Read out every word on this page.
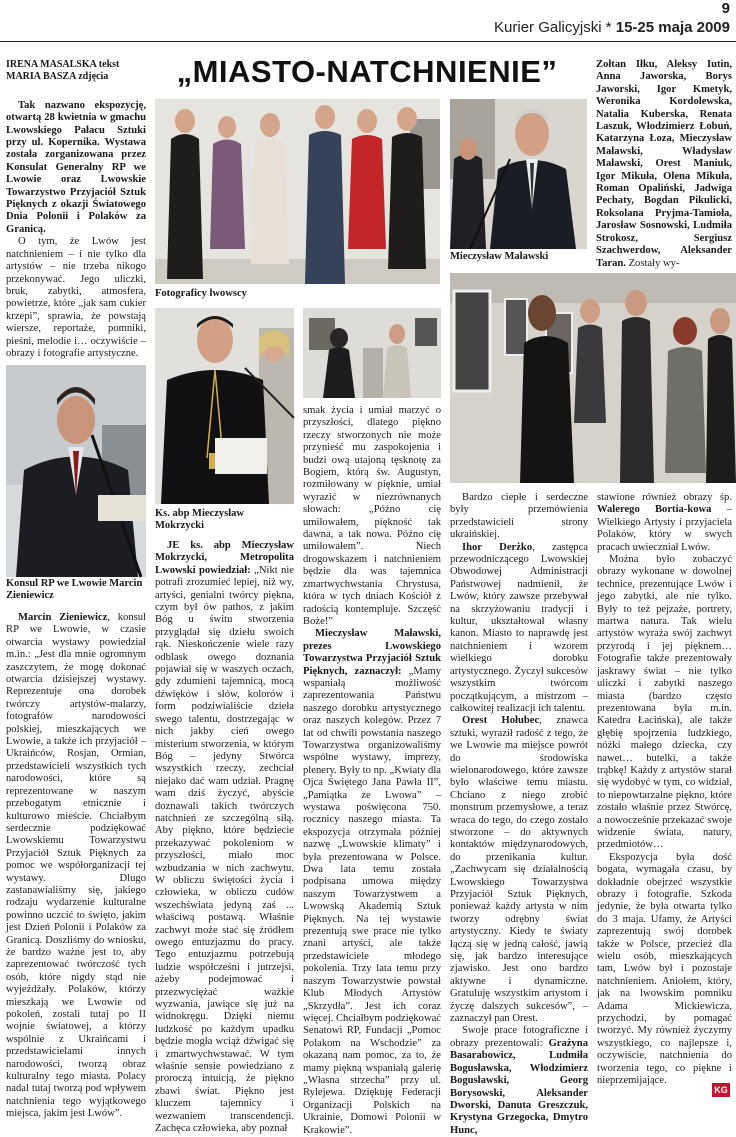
9
Kurier Galicyjski * 15-25 maja 2009
„MIASTO-NATCHNIENIE”

IRENA MASALSKA tekst

MARIA BASZA zdjęcia

Tak nazwano ekspozycję, otwartą 28 kwietnia w gmachu Lwowskiego Pałacu Sztuki przy ul. Kopernika. Wystawa została zorganizowana przez Konsulat Generalny RP we Lwowie oraz Lwowskie Towarzystwo Przyjaciół Sztuk Pięknych z okazji Światowego Dnia Polonii i Polaków za Granicą.

O tym, że Lwów jest natchnieniem – i nie tylko dla artystów – nie trzeba nikogo przekonywać. Jego uliczki, bruk, zabytki, atmosfera, powietrze, które „jak sam cukier krzepi”, sprawia, że powstają wiersze, reportaże, pomniki, pieśni, melodie i… oczywiście – obrazy i fotografie artystyczne.

Konsul RP we Lwowie Marcin Zieniewicz

Marcin Zieniewicz, konsul RP we Lwowie, w czasie otwarcia wystawy powiedział m.in.: „Jest dla mnie ogromnym zaszczytem, że mogę dokonać otwarcia dzisiejszej wystawy. Reprezentuje ona dorobek twórczy artystów-malarzy, fotografów narodowości polskiej, mieszkających we Lwowie, a także ich przyjaciół – Ukraińców, Rosjan, Ormian, przedstawicieli wszystkich tych narodowości, które są reprezentowane w naszym przebogatym etnicznie i kulturowo mieście. Chciałbym serdecznie podziękować Lwowskiemu Towarzystwu Przyjaciół Sztuk Pięknych za pomoc we współorganizacji tej wystawy. Dlugo zastanawialiśmy się, jakiego rodzaju wydarzenie kulturalne powinno uczcić to święto, jakim jest Dzień Polonii i Polaków za Granicą. Doszliśmy do wniosku, że bardzo ważne jest to, aby zaprezentować twórczość tych osób, które nigdy stąd nie wyjeżdżały. Polaków, którzy mieszkają we Lwowie od pokoleń, zostali tutaj po II wojnie światowej, a którzy wspólnie z Ukraińcami i przedstawicielami innych narodowości, tworzą obraz kulturalny tego miasta. Polacy nadal tutaj tworzą pod wpływem natchnienia tego wyjątkowego miejsca, jakim jest Lwów”.

Fotograficy lwowscy
Mieczysław Maławski

Zołtan Iłku, Aleksy Iutin, Anna Jaworska, Borys Jaworski, Igor Kmetyk, Weronika Kordolewska, Natalia Kuberska, Renata Laszuk, Włodzimierz Łobuń, Katarzyna Łoza, Mieczysław Maławski, Władysław Maławski, Orest Maniuk, Igor Mikuła, Olena Mikuła, Roman Opaliński, Jadwiga Pechaty, Bogdan Pikulicki, Roksolana Pryjma-Tamioła, Jarosław Sosnowski, Ludmiła Strokosz, Sergiusz Szachwerdow, Aleksander Taran. Zostały wy-

Ks. abp Mieczysław Mokrzycki

JE ks. abp Mieczysław Mokrzycki, Metropolita Lwowski powiedział: „Nikt nie potrafi zrozumieć lepiej, niż wy, artyści, genialni twórcy piękna, czym był ów pathos, z jakim Bóg u świtu stworzenia przyglądał się dziełu swoich rąk. Nieskończenie wiele razy odblask owego doznania pojawiał się w waszych oczach, gdy zdumieni tajemnicą, mocą dźwięków i słów, kolorów i form podziwialiście dzieła swego talentu, dostrzegając w nich jakby cień owego misterium stworzenia, w którym Bóg – jedyny Stwórca wszystkich rzeczy, zechciał niejako dać wam udział. Pragnę wam dziś życzyć, abyście doznawali takich twórczych natchnień ze szczególną siłą. Aby piękno, które będziecie przekazywać pokoleniom w przyszłości, miało moc wzbudzania w nich zachwytu. W obliczu świętości życia i człowieka, w obliczu cudów wszechświata jedyną zaś ... właściwą postawą. Właśnie zachwyt może stać się źródłem owego entuzjazmu do pracy. Tego entuzjazmu potrzebują ludzie współcześni i jutrzejsi, ażeby podejmować i przezwyciężać ważkie wyzwania, jawiące się już na widnokręgu. Dzięki niemu ludzkość po każdym upadku będzie mogła wciąż dźwigać się i zmartwychwstawać. W tym właśnie sensie powiedziano z proroczą intuicją, że piękno zbawi świat. Piękno jest kluczem tajemnicy i wezwaniem transcendencji. Zachęca człowieka, aby poznał

smak życia i umiał marzyć o przyszłości, dlatego piękno rzeczy stworzonych nie może przynieść mu zaspokojenia i budzi ową utajoną tęsknotę za Bogiem, którą św. Augustyn, rozmiłowany w pięknie, umiał wyrazić w niezrównanych słowach: „Późno cię umiłowałem, piękność tak dawna, a tak nowa. Późno cię umiłowałem”. Niech drogowskazem i natchnieniem będzie dla was tajemnica zmartwychwstania Chrystusa, która w tych dniach Kościół z radością kontempluje. Szczęść Boże!”

Mieczysław Maławski, prezes Lwowskiego Towarzystwa Przyjaciół Sztuk Pięknych, zaznaczył: „Mamy wspaniałą możliwość zaprezentowania Państwu naszego dorobku artystycznego oraz naszych kolegów. Przez 7 lat od chwili powstania naszego Towarzystwa organizowaliśmy wspólne wystawy, imprezy, plenery. Były to np. „Kwiaty dla Ojca Świętego Jana Pawła II”, „Pamiątka ze Lwowa” – wystawa poświęcona 750. rocznicy naszego miasta. Ta ekspozycja otrzymała później nazwę „Lwowskie klimaty” i była prezentowana w Polsce. Dwa lata temu została podpisana umowa między naszym Towarzystwem a Lwowską Akademią Sztuk Pięknych. Na tej wystawie prezentują swe prace nie tylko znani artyści, ale także przedstawiciele młodego pokolenia. Trzy lata temu przy naszym Towarzystwie powstał Klub Młodych Artystów „Skrzydła”. Jest ich coraz więcej. Chciałbym podziękować Senatowi RP, Fundacji „Pomoc Polakom na Wschodzie” za okazaną nam pomoc, za to, że mamy piękną wspaniałą galerię „Własna strzecha” przy ul. Rylejewa. Dziękuję Federacji Organizacji Polskich na Ukrainie, Domowi Polonii w Krakowie”.

Bardzo ciepłe i serdeczne były przemówienia przedstawicieli strony ukraińskiej.

Ihor Derżko, zastępca przewodniczącego Lwowskiej Obwodowej Administracji Państwowej nadmienił, że Lwów, który zawsze przebywał na skrzyżowaniu tradycji i kultur, ukształtował własny kanon. Miasto to naprawdę jest natchnieniem i wzorem wielkiego dorobku artystycznego. Życzył sukcesów wszystkim twórcom początkującym, a mistrzom – całkowitej realizacji ich talentu.

Orest Hołubec, znawca sztuki, wyraził radość z tego, że we Lwowie ma miejsce powrót do środowiska wielonarodowego, które zawsze było właściwe temu miastu. Chciano z niego zrobić monstrum przemysłowe, a teraz wraca do tego, do czego zostało stworzone – do aktywnych kontaktów międzynarodowych, do przenikania kultur. „Zachwycam się działalnością Lwowskiego Towarzystwa Przyjaciół Sztuk Pięknych, ponieważ każdy artysta w nim tworzy odrębny świat artystyczny. Kiedy te światy łączą się w jedną całość, jawią się, jak bardzo interesujące zjawisko. Jest ono bardzo aktywne i dynamiczne. Gratuluję wszystkim artystom i życzę dalszych sukcesów”, – zaznaczył pan Orest.

Swoje prace fotograficzne i obrazy prezentowali: Grażyna Basarabowicz, Ludmiła Bogusławska, Włodzimierz Bogusławski, Georg Borysowski, Aleksander Dworski, Danuta Greszczuk, Krystyna Grzegocka, Dmytro Hunc,

stawione również obrazy śp. Walerego Bortia-kowa – Wielkiego Artysty i przyjaciela Polaków, który w swych pracach uwieczniał Lwów.

Można było zobaczyć obrazy wykonane w dowolnej technice, prezentujące Lwów i jego zabytki, ale nie tylko. Były to też pejzaże, portrety, martwa natura. Tak wielu artystów wyraża swój zachwyt przyrodą i jej pięknem… Fotografie także prezentowały jaskrawy świat – nie tylko uliczki i zabytki naszego miasta (bardzo często prezentowana była m.in. Katedra Łacińska), ale także głębię spojrzenia ludzkiego, nóżki małego dziecka, czy nawet… butelki, a także trąbkę! Każdy z artystów starał się wydobyć w tym, co widział, to niepowtarzalne piękno, które zostało właśnie przez Stwórcę, a nowocześnie przekazać swoje widzenie świata, natury, przedmiotów…

Ekspozycja była dość bogata, wymagała czasu, by dokładnie obejrzeć wszystkie obrazy i fotografie. Szkoda jedynie, że była otwarta tylko do 3 maja. Ufamy, że Artyści zaprezentują swój dorobek także w Polsce, przecież dla wielu osób, mieszkających tam, Lwów był i pozostaje natchnieniem. Aniołem, który, jak na lwowskim pomniku Adama Mickiewicza, przychodzi, by pomagać tworzyć. My również życzymy wszystkiego, co najlepsze i, oczywiście, natchnienia do tworzenia tego, co piękne i nieprzemijające.

KG
